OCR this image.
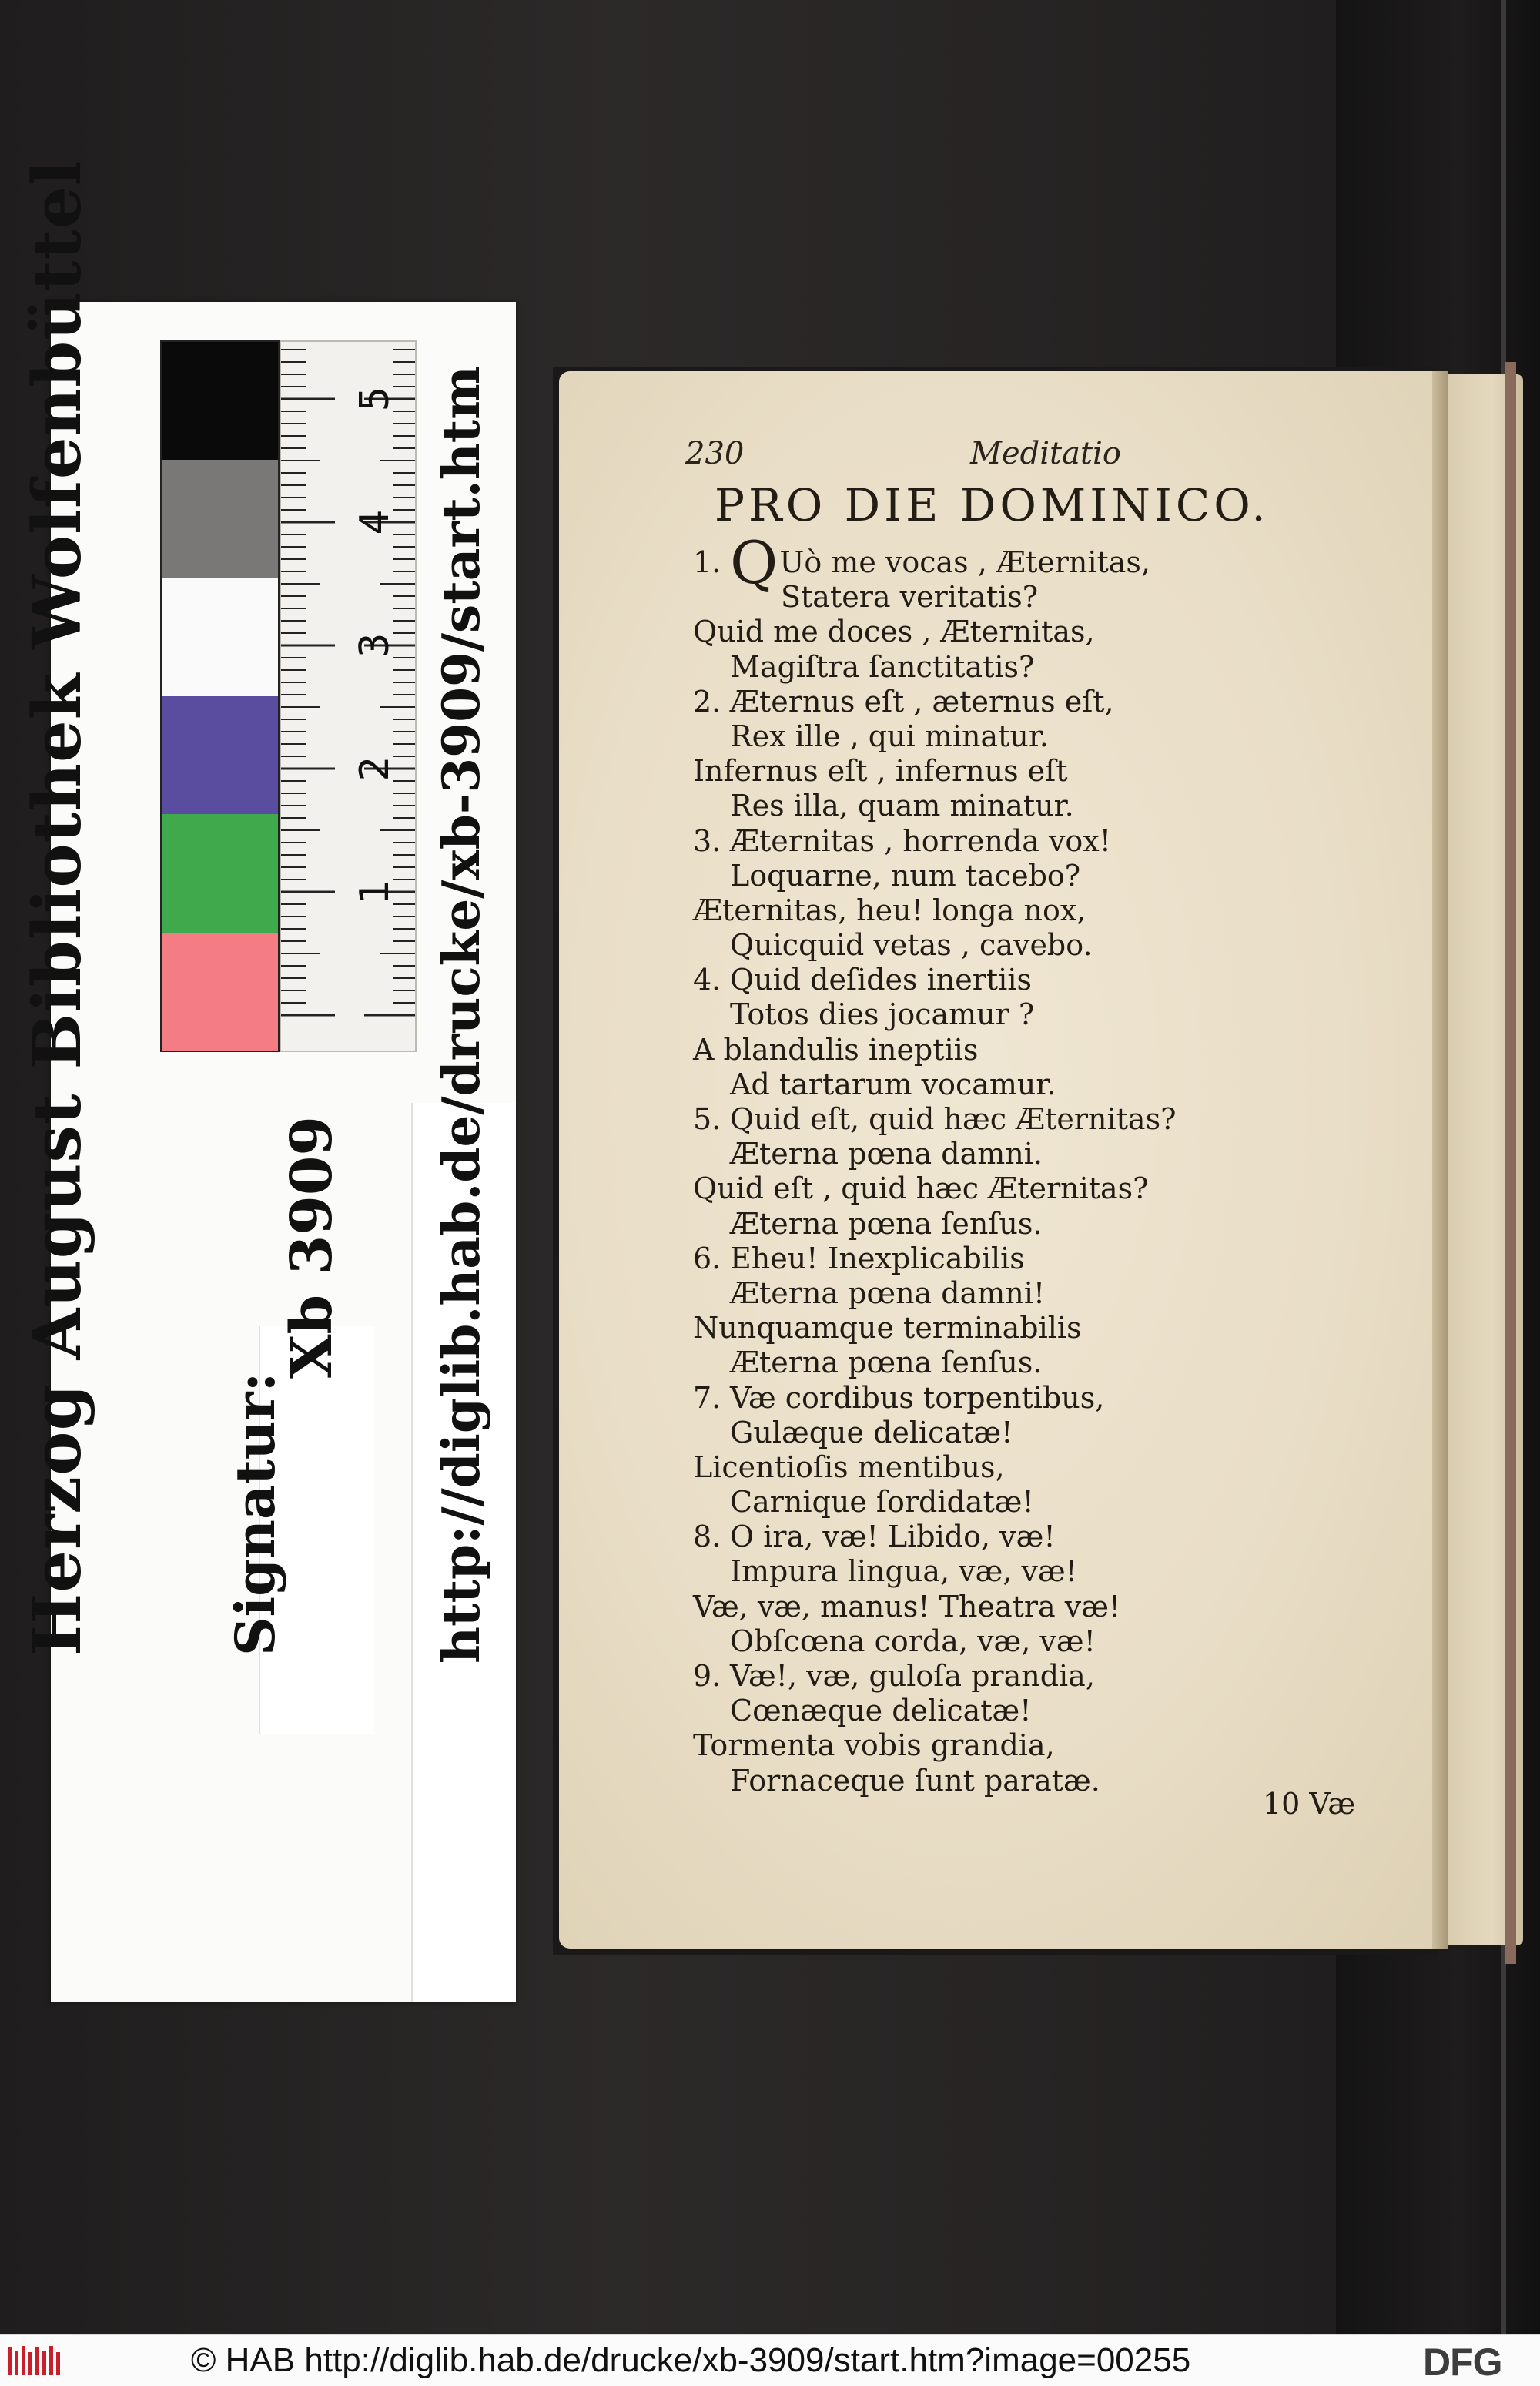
1
2
3
4
5
Herzog August Bibliothek Wolfenbüttel Signatur:
Xb 3909 http://diglib.hab.de/drucke/xb-3909/start.htm	230	Meditatio
PRO DIE DOMINICO.
1. QUò me vocas , Æternitas,
Statera veritatis?
Quid me doces , Æternitas,
Magiſtra ſanctitatis?
2. Æternus eſt , æternus eſt,
Rex ille , qui minatur.
Infernus eſt , infernus eſt
Res illa, quam minatur.
3. Æternitas , horrenda vox!
Loquarne, num tacebo?
Æternitas, heu! longa nox,
Quicquid vetas , cavebo.
4. Quid deſides inertiis
Totos dies jocamur ?
A blandulis ineptiis
Ad tartarum vocamur.
5. Quid eſt, quid hæc Æternitas?
Æterna pœna damni.
Quid eſt , quid hæc Æternitas?
Æterna pœna ſenſus.
6. Eheu! Inexplicabilis
Æterna pœna damni!
Nunquamque terminabilis
Æterna pœna ſenſus.
7. Væ cordibus torpentibus,
Gulæque delicatæ!
Licentioſis mentibus,
Carnique ſordidatæ!
8. O ira, væ! Libido, væ!
Impura lingua, væ, væ!
Væ, væ, manus! Theatra væ!
Obſcœna corda, væ, væ!
9. Væ!, væ, guloſa prandia,
Cœnæque delicatæ!
Tormenta vobis grandia,
Fornaceque ſunt paratæ.
10 Væ
© HAB http://diglib.hab.de/drucke/xb-3909/start.htm?image=00255	DFG
